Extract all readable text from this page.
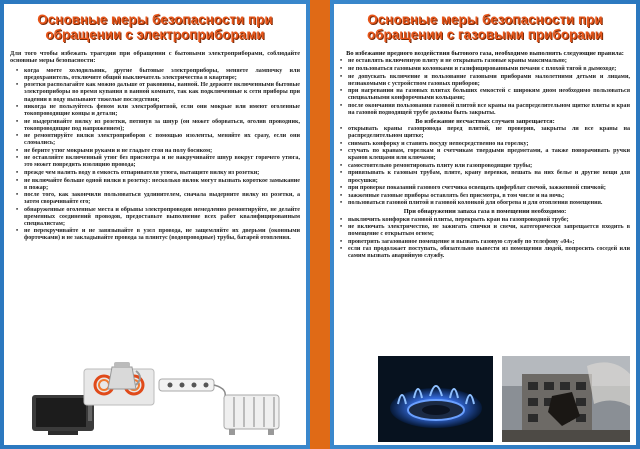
Основные меры безопасности при обращении с электроприборами
Для того чтобы избежать трагедии при обращении с бытовыми электроприборами, соблюдайте основные меры безопасности:
• когда моете холодильник, другие бытовые электроприборы, меняете лампочку или предохранитель, отключите общий выключатель электричества в квартире;
• розетки располагайте как можно дальше от раковины, ванной. Не держите включенными бытовые электроприборы во время купания в ванной комнате, так как подключенные к сети приборы при падении в воду вызывают тяжелые последствия;
• никогда не пользуйтесь феном или электробритвой, если они мокрые или имеют оголенные токопроводящие концы и детали;
• не выдергивайте вилку из розетки, потянув за шнур (он может оборваться, оголив проводник, токопроводящие под напряжением);
• не ремонтируйте вилки электроприборов с помощью изоленты, меняйте их сразу, если они сломались;
• не берите утюг мокрыми руками и не гладьте стоя на полу босиком;
• не оставляйте включенный утюг без присмотра и не накручивайте шнур вокруг горячего утюга, это может повредить изоляцию провода;
• прежде чем налить воду в емкость отпаривателя утюга, вытащите вилку из розетки;
• не включайте больше одной вилки в розетку: несколько вилок могут вызвать короткое замыкание в пожар;
• после того, как закончили пользоваться удлинителем, сначала выдерните вилку из розетки, а затем сворачивайте его;
• обнаруженные оголенные места и обрывы электропроводов немедленно ремонтируйте, не делайте временных соединений проводов, предоставьте выполнение всех работ квалифицированным специалистам;
• не перекручивайте и не завязывайте в узел провода, не защемляйте их дверьми (оконными форточками) и не закладывайте провода за плинтус (водопроводные) трубы, батарей отопления.
Основные меры безопасности при обращении с газовыми приборами
Во избежание вредного воздействия бытового газа, необходимо выполнять следующие правила:
• не оставлять включенную плиту и не открывать газовые краны максимально;
• не пользоваться газовыми колонками и газифицированными печами с плохой тягой в дымоходе;
• не допускать включение и пользование газовыми приборами малолетними детьми и лицами, незнакомыми с устройством газовых приборов;
• при нагревании на газовых плитах больших емкостей с широким дном необходимо пользоваться специальными конфорочными кольцами;
• после окончания пользования газовой плитой все краны на распределительном щитке плиты и кран на газовой подводящей трубе должны быть закрыты.
Во избежание несчастных случаев запрещается:
• открывать краны газопровода перед плитой, не проверив, закрыты ли все краны на распределительном щитке;
• снимать конфорку и ставить посуду непосредственно на горелку;
• стучать по кранам, горелкам и счетчикам твердыми предметами, а также поворачивать ручки кранов клещами или ключами;
• самостоятельно ремонтировать плиту или газопроводящие трубы;
• привязывать к газовым трубам, плите, крану веревки, вешать на них белье и другие вещи для просушки;
• при проверке показаний газового счетчика освещать циферблат свечой, зажженной спичкой;
• зажженные газовые приборы оставлять без присмотра, в том числе и на ночь;
• пользоваться газовой плитой и газовой колонкой для обогрева и для отопления помещения.
При обнаружении запаха газа в помещении необходимо:
• выключить конфорки газовой плиты, перекрыть кран на газопроводной трубе;
• не включать электричество, не зажигать спички и свечи, категорически запрещается входить в помещение с открытым огнем;
• проветрить загазованное помещение и вызвать газовую службу по телефону «04»;
• если газ продолжает поступать, обязательно вывести из помещения людей, попросить соседей или самим вызвать аварийную службу.
